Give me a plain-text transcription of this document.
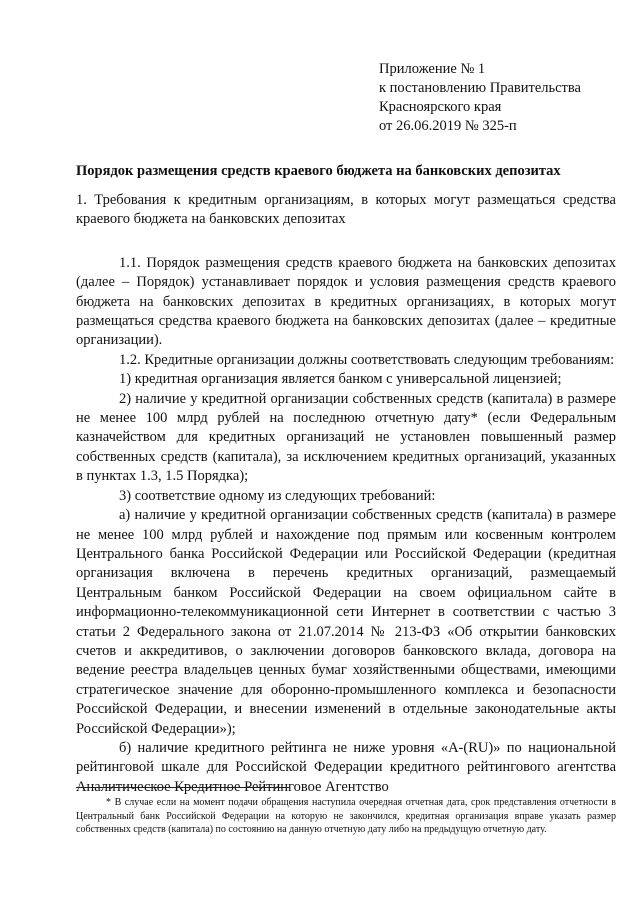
Приложение № 1
к постановлению Правительства
Красноярского края
от 26.06.2019 № 325-п
Порядок размещения средств краевого бюджета на банковских депозитах

1. Требования к кредитным организациям, в которых могут размещаться средства краевого бюджета на банковских депозитах

1.1. Порядок размещения средств краевого бюджета на банковских депозитах (далее – Порядок) устанавливает порядок и условия размещения средств краевого бюджета на банковских депозитах в кредитных организациях, в которых могут размещаться средства краевого бюджета на банковских депозитах (далее – кредитные организации).

1.2. Кредитные организации должны соответствовать следующим требованиям:

1) кредитная организация является банком с универсальной лицензией;

2) наличие у кредитной организации собственных средств (капитала) в размере не менее 100 млрд рублей на последнюю отчетную дату* (если Федеральным казначейством для кредитных организаций не установлен повышенный размер собственных средств (капитала), за исключением кредитных организаций, указанных в пунктах 1.3, 1.5 Порядка);

3) соответствие одному из следующих требований:

а) наличие у кредитной организации собственных средств (капитала) в размере не менее 100 млрд рублей и нахождение под прямым или косвенным контролем Центрального банка Российской Федерации или Российской Федерации (кредитная организация включена в перечень кредитных организаций, размещаемый Центральным банком Российской Федерации на своем официальном сайте в информационно-телекоммуникационной сети Интернет в соответствии с частью 3 статьи 2 Федерального закона от 21.07.2014 № 213-ФЗ «Об открытии банковских счетов и аккредитивов, о заключении договоров банковского вклада, договора на ведение реестра владельцев ценных бумаг хозяйственными обществами, имеющими стратегическое значение для оборонно-промышленного комплекса и безопасности Российской Федерации, и внесении изменений в отдельные законодательные акты Российской Федерации»);

б) наличие кредитного рейтинга не ниже уровня «A-(RU)» по национальной рейтинговой шкале для Российской Федерации кредитного рейтингового агентства Аналитическое Кредитное Рейтинговое Агентство

* В случае если на момент подачи обращения наступила очередная отчетная дата, срок представления отчетности в Центральный банк Российской Федерации на которую не закончился, кредитная организация вправе указать размер собственных средств (капитала) по состоянию на данную отчетную дату либо на предыдущую отчетную дату.
